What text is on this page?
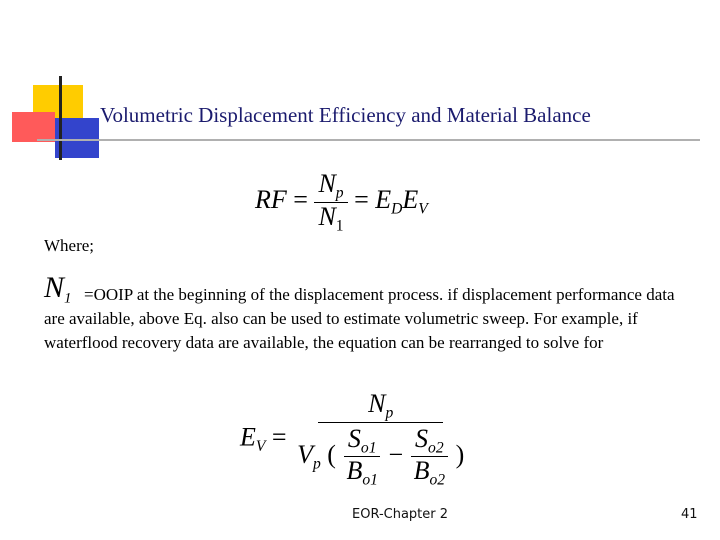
Volumetric Displacement Efficiency and Material Balance
RF = $\frac{N_p}{N_1} = E_DE_V$
Where;
$N_1$ =OOIP at the beginning of the displacement process. if displacement performance data are available, above Eq. also can be used to estimate volumetric sweep. For example, if waterflood recovery data are available, the equation can be rearranged to solve for
$E_V$ =
$N_p$
$V_p$ ( $\frac{S_{o1}}{B_{o1}} - \frac{S_{o2}}{B_{o2}}$ )
EOR-Chapter 2	41
